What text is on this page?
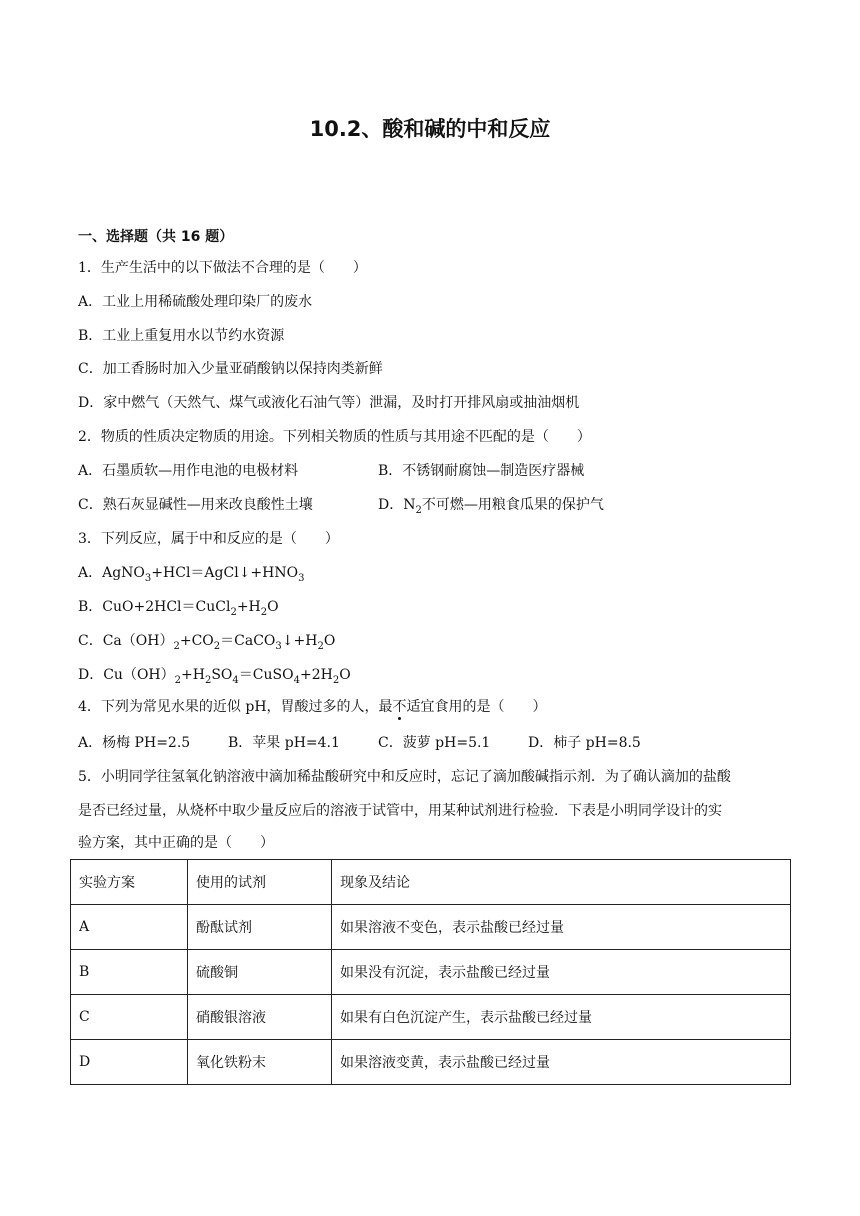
10.2、酸和碱的中和反应
一、选择题（共 16 题）
1．生产生活中的以下做法不合理的是（　　）
A．工业上用稀硫酸处理印染厂的废水
B．工业上重复用水以节约水资源
C．加工香肠时加入少量亚硝酸钠以保持肉类新鲜
D．家中燃气（天然气、煤气或液化石油气等）泄漏，及时打开排风扇或抽油烟机
2．物质的性质决定物质的用途。下列相关物质的性质与其用途不匹配的是（　　）
A．石墨质软—用作电池的电极材料	B．不锈钢耐腐蚀—制造医疗器械
C．熟石灰显碱性—用来改良酸性土壤	D．$N_2$不可燃—用粮食瓜果的保护气
3．下列反应，属于中和反应的是（　　）
A．$AgNO_3+HCl=AgCl↓+HNO_3$
B．$CuO+2HCl=CuCl_2+H_2O$
C．$Ca(OH)_2+CO_2=CaCO_3↓+H_2O$
D．$Cu(OH)_2+H_2SO_4=CuSO_4+2H_2O$
4．下列为常见水果的近似 pH，胃酸过多的人，最不适宜食用的是（　　）
A．杨梅 PH=2.5	B．苹果 pH=4.1	C．菠萝 pH=5.1	D．柿子 pH=8.5
5．小明同学往氢氧化钠溶液中滴加稀盐酸研究中和反应时，忘记了滴加酸碱指示剂．为了确认滴加的盐酸
是否已经过量，从烧杯中取少量反应后的溶液于试管中，用某种试剂进行检验．下表是小明同学设计的实
验方案，其中正确的是（　　）
实验方案	使用的试剂	现象及结论
A	酚酞试剂	如果溶液不变色，表示盐酸已经过量
B	硫酸铜	如果没有沉淀，表示盐酸已经过量
C	硝酸银溶液	如果有白色沉淀产生，表示盐酸已经过量
D	氧化铁粉末	如果溶液变黄，表示盐酸已经过量
